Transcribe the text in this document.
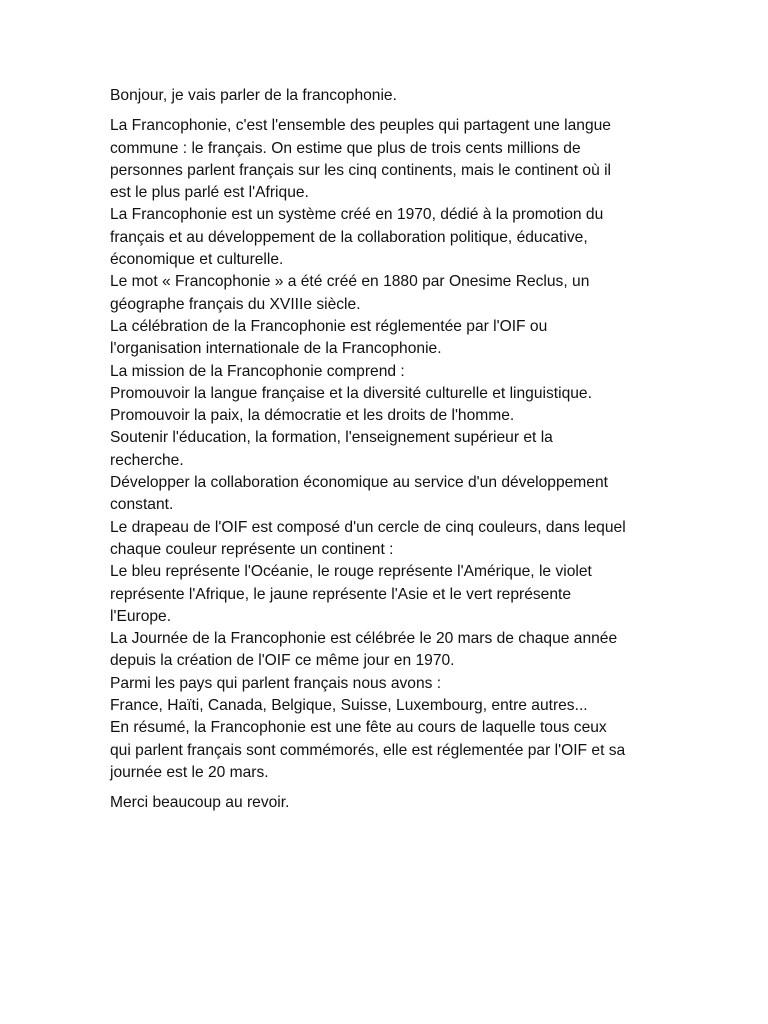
Bonjour, je vais parler de la francophonie.

La Francophonie, c'est l'ensemble des peuples qui partagent une langue
commune : le français. On estime que plus de trois cents millions de
personnes parlent français sur les cinq continents, mais le continent où il
est le plus parlé est l'Afrique.
La Francophonie est un système créé en 1970, dédié à la promotion du
français et au développement de la collaboration politique, éducative,
économique et culturelle.
Le mot « Francophonie » a été créé en 1880 par Onesime Reclus, un
géographe français du XVIIIe siècle.
La célébration de la Francophonie est réglementée par l'OIF ou
l'organisation internationale de la Francophonie.
La mission de la Francophonie comprend :
Promouvoir la langue française et la diversité culturelle et linguistique.
Promouvoir la paix, la démocratie et les droits de l'homme.
Soutenir l'éducation, la formation, l'enseignement supérieur et la
recherche.
Développer la collaboration économique au service d'un développement
constant.
Le drapeau de l'OIF est composé d'un cercle de cinq couleurs, dans lequel
chaque couleur représente un continent :
Le bleu représente l'Océanie, le rouge représente l'Amérique, le violet
représente l'Afrique, le jaune représente l'Asie et le vert représente
l'Europe.
La Journée de la Francophonie est célébrée le 20 mars de chaque année
depuis la création de l'OIF ce même jour en 1970.
Parmi les pays qui parlent français nous avons :
France, Haïti, Canada, Belgique, Suisse, Luxembourg, entre autres...
En résumé, la Francophonie est une fête au cours de laquelle tous ceux
qui parlent français sont commémorés, elle est réglementée par l'OIF et sa
journée est le 20 mars.

Merci beaucoup au revoir.
